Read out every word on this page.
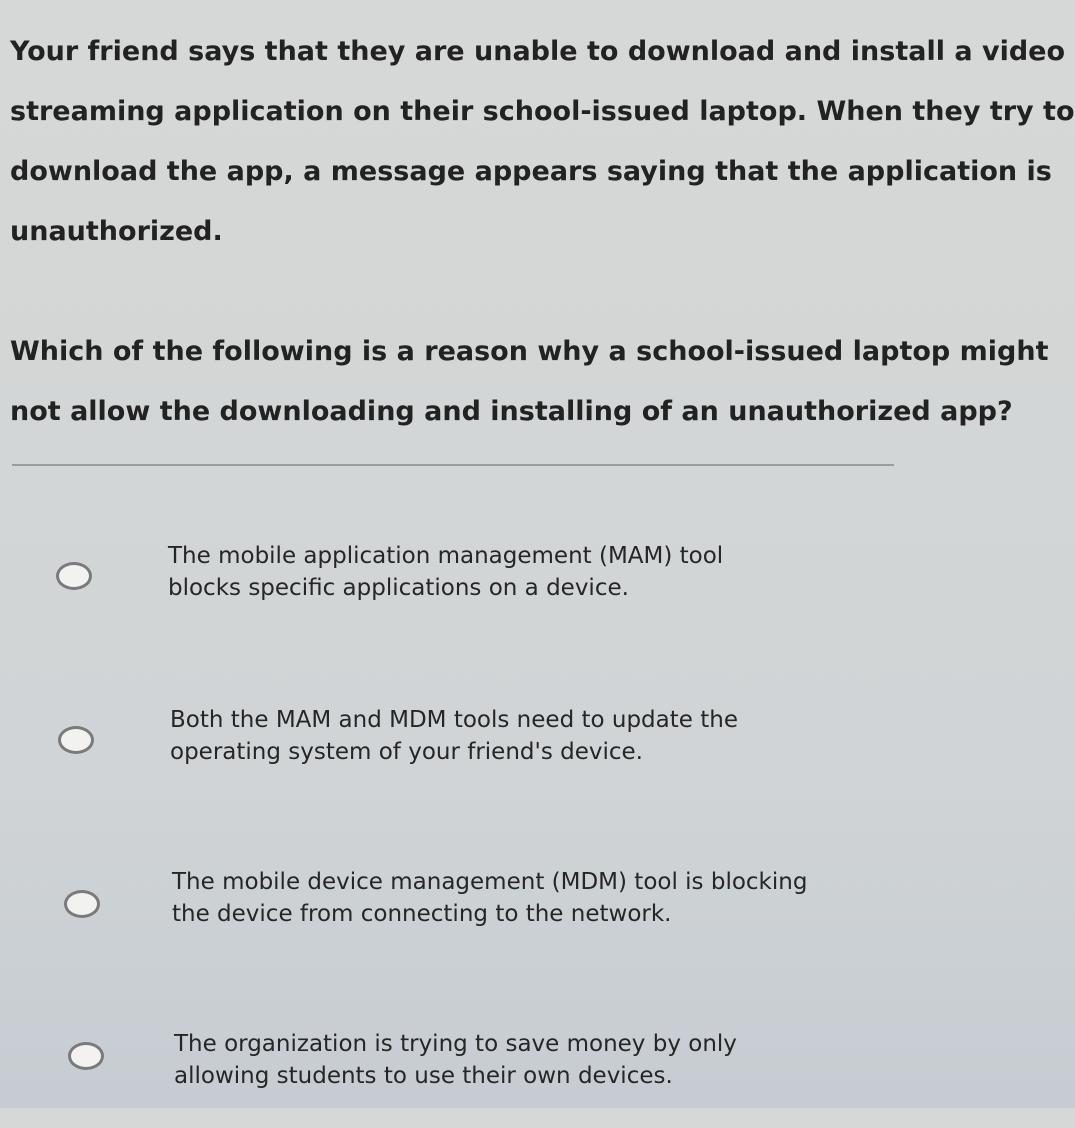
Your friend says that they are unable to download and install a video
streaming application on their school-issued laptop. When they try to
download the app, a message appears saying that the application is
unauthorized.
Which of the following is a reason why a school-issued laptop might
not allow the downloading and installing of an unauthorized app?
The mobile application management (MAM) tool
blocks specific applications on a device.
Both the MAM and MDM tools need to update the
operating system of your friend's device.
The mobile device management (MDM) tool is blocking
the device from connecting to the network.
The organization is trying to save money by only
allowing students to use their own devices.
